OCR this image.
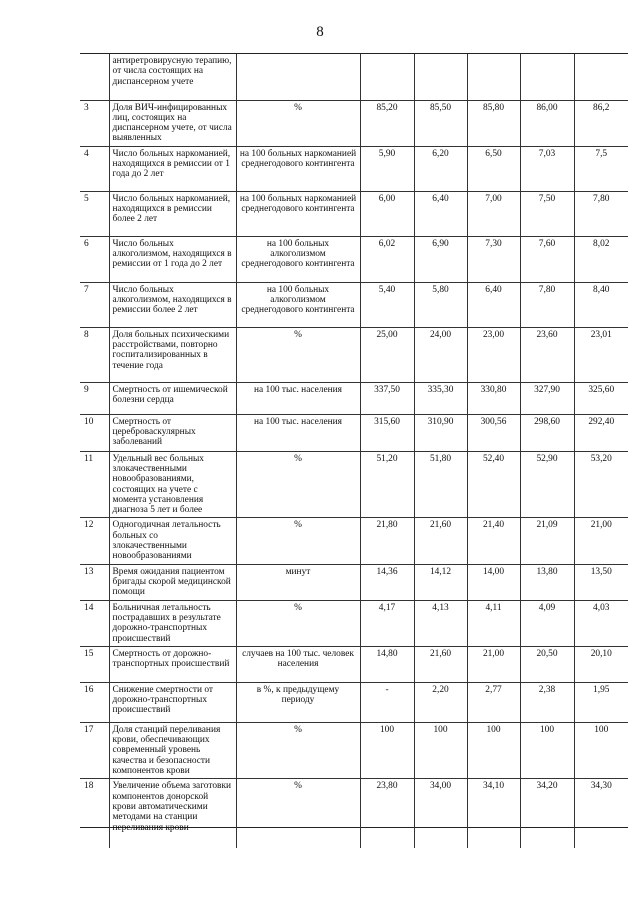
8
	антиретровирусную терапию, от числа состоящих на диспансерном учете						
3	Доля ВИЧ-инфицированных лиц, состоящих на диспансерном учете, от числа выявленных	%	85,20	85,50	85,80	86,00	86,2
4	Число больных наркоманией, находящихся в ремиссии от 1 года до 2 лет	на 100 больных наркоманией среднегодового контингента	5,90	6,20	6,50	7,03	7,5
5	Число больных наркоманией, находящихся в ремиссии более 2 лет	на 100 больных наркоманией среднегодового контингента	6,00	6,40	7,00	7,50	7,80
6	Число больных алкоголизмом, находящихся в ремиссии от 1 года до 2 лет	на 100 больных алкоголизмом среднегодового контингента	6,02	6,90	7,30	7,60	8,02
7	Число больных алкоголизмом, находящихся в ремиссии более 2 лет	на 100 больных алкоголизмом среднегодового контингента	5,40	5,80	6,40	7,80	8,40
8	Доля больных психическими расстройствами, повторно госпитализированных в течение года	%	25,00	24,00	23,00	23,60	23,01
9	Смертность от ишемической болезни сердца	на 100 тыс. населения	337,50	335,30	330,80	327,90	325,60
10	Смертность от цереброваскулярных заболеваний	на 100 тыс. населения	315,60	310,90	300,56	298,60	292,40
11	Удельный вес больных злокачественными новообразованиями, состоящих на учете с момента установления диагноза 5 лет и более	%	51,20	51,80	52,40	52,90	53,20
12	Одногодичная летальность больных со злокачественными новообразованиями	%	21,80	21,60	21,40	21,09	21,00
13	Время ожидания пациентом бригады скорой медицинской помощи	минут	14,36	14,12	14,00	13,80	13,50
14	Больничная летальность пострадавших в результате дорожно-транспортных происшествий	%	4,17	4,13	4,11	4,09	4,03
15	Смертность от дорожно-транспортных происшествий	случаев на 100 тыс. человек населения	14,80	21,60	21,00	20,50	20,10
16	Снижение смертности от дорожно-транспортных происшествий	в %, к предыдущему периоду	-	2,20	2,77	2,38	1,95
17	Доля станций переливания крови, обеспечивающих современный уровень качества и безопасности компонентов крови	%	100	100	100	100	100
18	Увеличение объема заготовки компонентов донорской крови автоматическими методами на станции переливания крови	%	23,80	34,00	34,10	34,20	34,30
